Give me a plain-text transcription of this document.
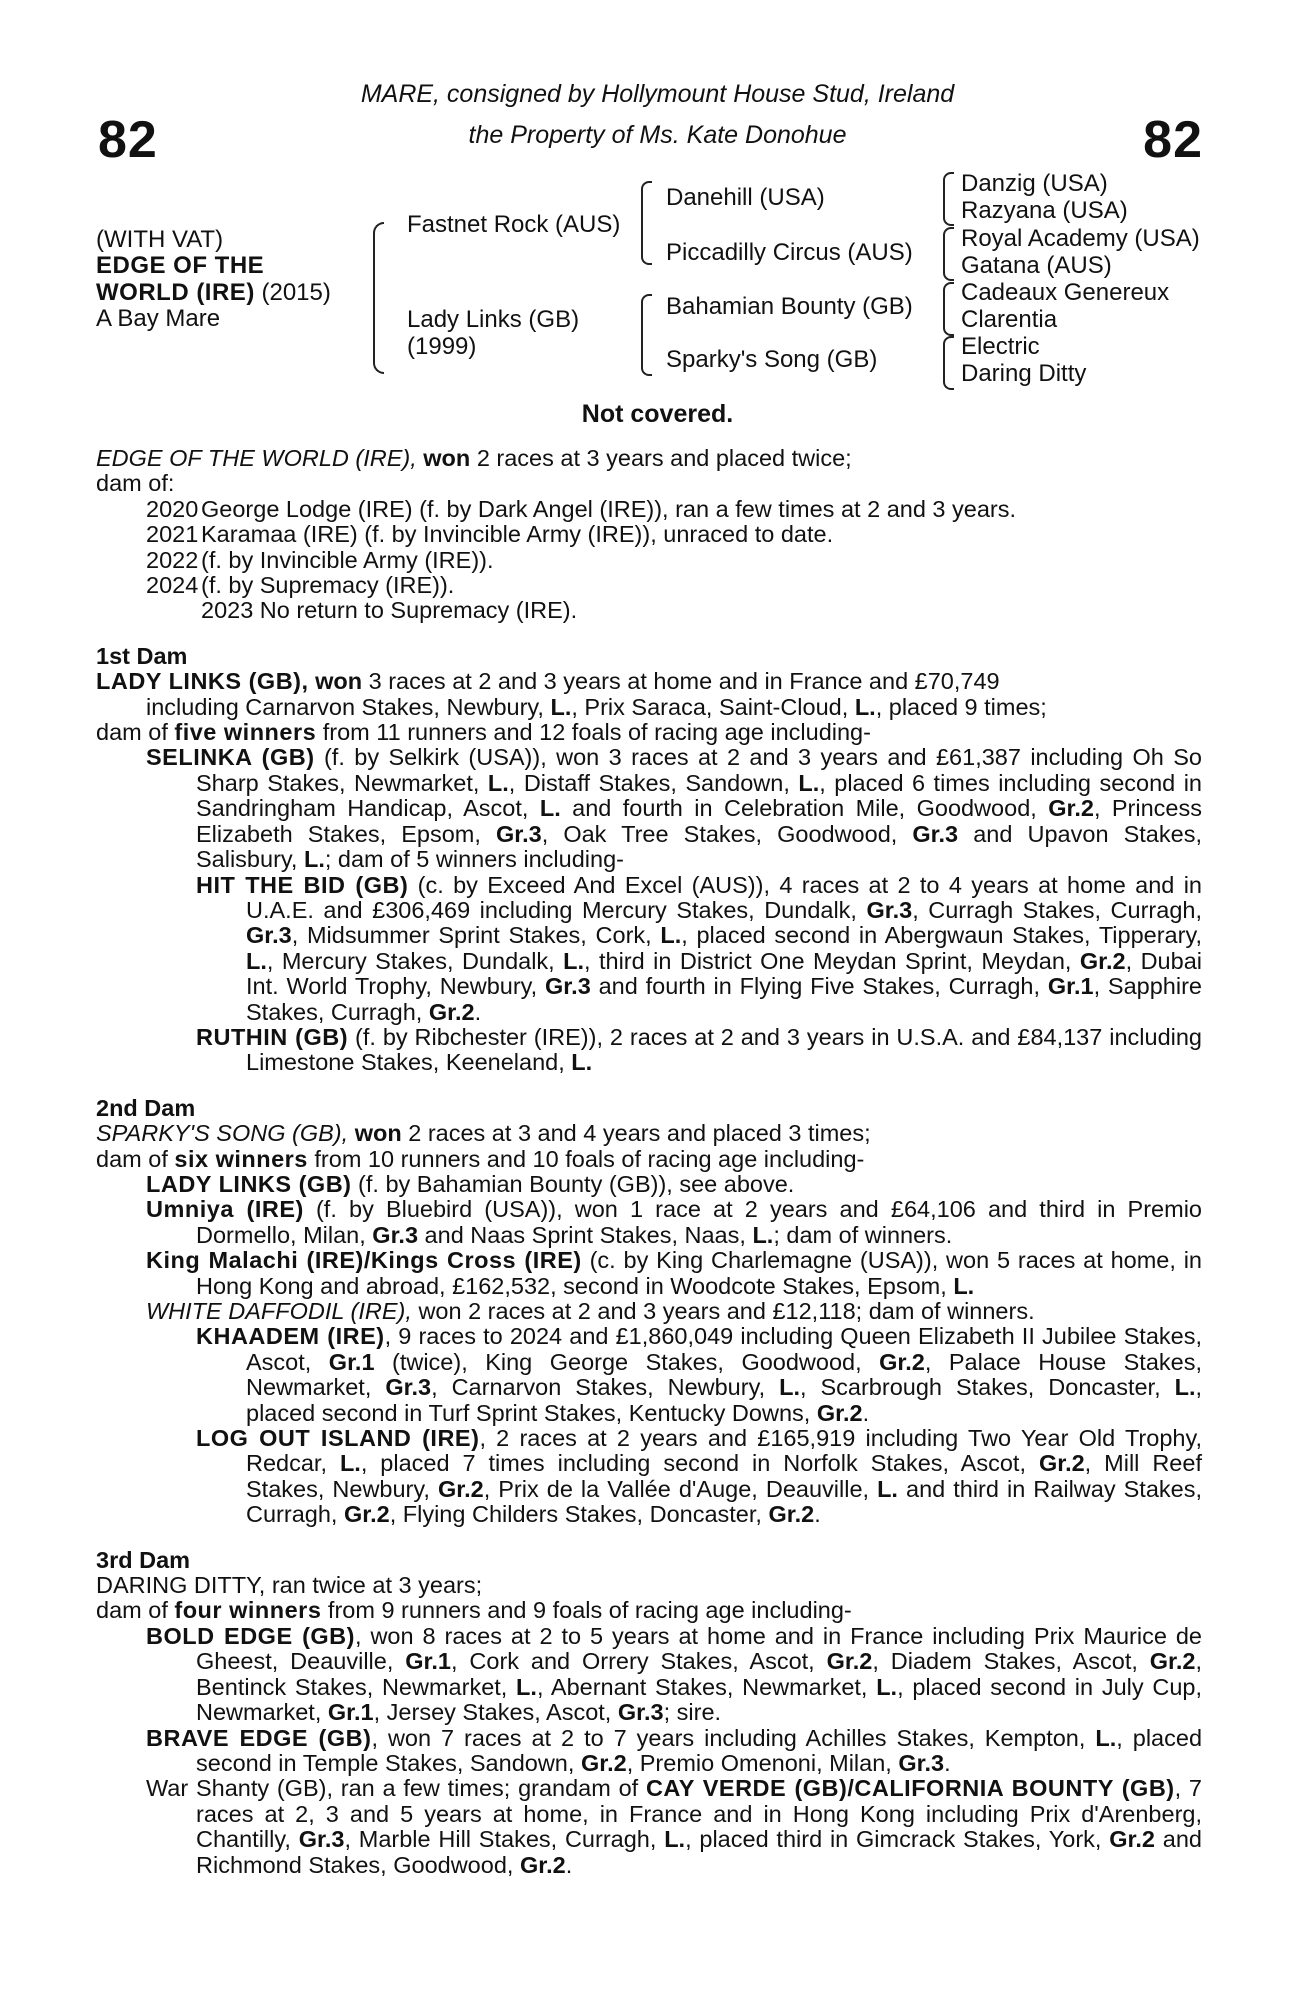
82	82
MARE, consigned by Hollymount House Stud, Ireland
the Property of Ms. Kate Donohue
(WITH VAT)
EDGE OF THE
WORLD (IRE) (2015)
A Bay Mare
Fastnet Rock (AUS)
Lady Links (GB)
(1999)
Danehill (USA)
Piccadilly Circus (AUS)
Bahamian Bounty (GB)
Sparky's Song (GB)
Danzig (USA)
Razyana (USA)
Royal Academy (USA)
Gatana (AUS)
Cadeaux Genereux
Clarentia
Electric
Daring Ditty
Not covered.

EDGE OF THE WORLD (IRE), won 2 races at 3 years and placed twice;

dam of:

2020 George Lodge (IRE) (f. by Dark Angel (IRE)), ran a few times at 2 and 3 years.
2021 Karamaa (IRE) (f. by Invincible Army (IRE)), unraced to date.
2022 (f. by Invincible Army (IRE)).
2024 (f. by Supremacy (IRE)).
2023 No return to Supremacy (IRE).
1st Dam

LADY LINKS (GB), won 3 races at 2 and 3 years at home and in France and £70,749

including Carnarvon Stakes, Newbury, L., Prix Saraca, Saint-Cloud, L., placed 9 times;

dam of five winners from 11 runners and 12 foals of racing age including-

SELINKA (GB) (f. by Selkirk (USA)), won 3 races at 2 and 3 years and £61,387 including Oh So Sharp Stakes, Newmarket, L., Distaff Stakes, Sandown, L., placed 6 times including second in Sandringham Handicap, Ascot, L. and fourth in Celebration Mile, Goodwood, Gr.2, Princess Elizabeth Stakes, Epsom, Gr.3, Oak Tree Stakes, Goodwood, Gr.3 and Upavon Stakes, Salisbury, L.; dam of 5 winners including-

HIT THE BID (GB) (c. by Exceed And Excel (AUS)), 4 races at 2 to 4 years at home and in U.A.E. and £306,469 including Mercury Stakes, Dundalk, Gr.3, Curragh Stakes, Curragh, Gr.3, Midsummer Sprint Stakes, Cork, L., placed second in Abergwaun Stakes, Tipperary, L., Mercury Stakes, Dundalk, L., third in District One Meydan Sprint, Meydan, Gr.2, Dubai Int. World Trophy, Newbury, Gr.3 and fourth in Flying Five Stakes, Curragh, Gr.1, Sapphire Stakes, Curragh, Gr.2.

RUTHIN (GB) (f. by Ribchester (IRE)), 2 races at 2 and 3 years in U.S.A. and £84,137 including Limestone Stakes, Keeneland, L.

2nd Dam

SPARKY'S SONG (GB), won 2 races at 3 and 4 years and placed 3 times;

dam of six winners from 10 runners and 10 foals of racing age including-

LADY LINKS (GB) (f. by Bahamian Bounty (GB)), see above.

Umniya (IRE) (f. by Bluebird (USA)), won 1 race at 2 years and £64,106 and third in Premio Dormello, Milan, Gr.3 and Naas Sprint Stakes, Naas, L.; dam of winners.

King Malachi (IRE)/Kings Cross (IRE) (c. by King Charlemagne (USA)), won 5 races at home, in Hong Kong and abroad, £162,532, second in Woodcote Stakes, Epsom, L.

WHITE DAFFODIL (IRE), won 2 races at 2 and 3 years and £12,118; dam of winners.

KHAADEM (IRE), 9 races to 2024 and £1,860,049 including Queen Elizabeth II Jubilee Stakes, Ascot, Gr.1 (twice), King George Stakes, Goodwood, Gr.2, Palace House Stakes, Newmarket, Gr.3, Carnarvon Stakes, Newbury, L., Scarbrough Stakes, Doncaster, L., placed second in Turf Sprint Stakes, Kentucky Downs, Gr.2.

LOG OUT ISLAND (IRE), 2 races at 2 years and £165,919 including Two Year Old Trophy, Redcar, L., placed 7 times including second in Norfolk Stakes, Ascot, Gr.2, Mill Reef Stakes, Newbury, Gr.2, Prix de la Vallée d'Auge, Deauville, L. and third in Railway Stakes, Curragh, Gr.2, Flying Childers Stakes, Doncaster, Gr.2.

3rd Dam

DARING DITTY, ran twice at 3 years;

dam of four winners from 9 runners and 9 foals of racing age including-

BOLD EDGE (GB), won 8 races at 2 to 5 years at home and in France including Prix Maurice de Gheest, Deauville, Gr.1, Cork and Orrery Stakes, Ascot, Gr.2, Diadem Stakes, Ascot, Gr.2, Bentinck Stakes, Newmarket, L., Abernant Stakes, Newmarket, L., placed second in July Cup, Newmarket, Gr.1, Jersey Stakes, Ascot, Gr.3; sire.

BRAVE EDGE (GB), won 7 races at 2 to 7 years including Achilles Stakes, Kempton, L., placed second in Temple Stakes, Sandown, Gr.2, Premio Omenoni, Milan, Gr.3.

War Shanty (GB), ran a few times; grandam of CAY VERDE (GB)/CALIFORNIA BOUNTY (GB), 7 races at 2, 3 and 5 years at home, in France and in Hong Kong including Prix d'Arenberg, Chantilly, Gr.3, Marble Hill Stakes, Curragh, L., placed third in Gimcrack Stakes, York, Gr.2 and Richmond Stakes, Goodwood, Gr.2.
